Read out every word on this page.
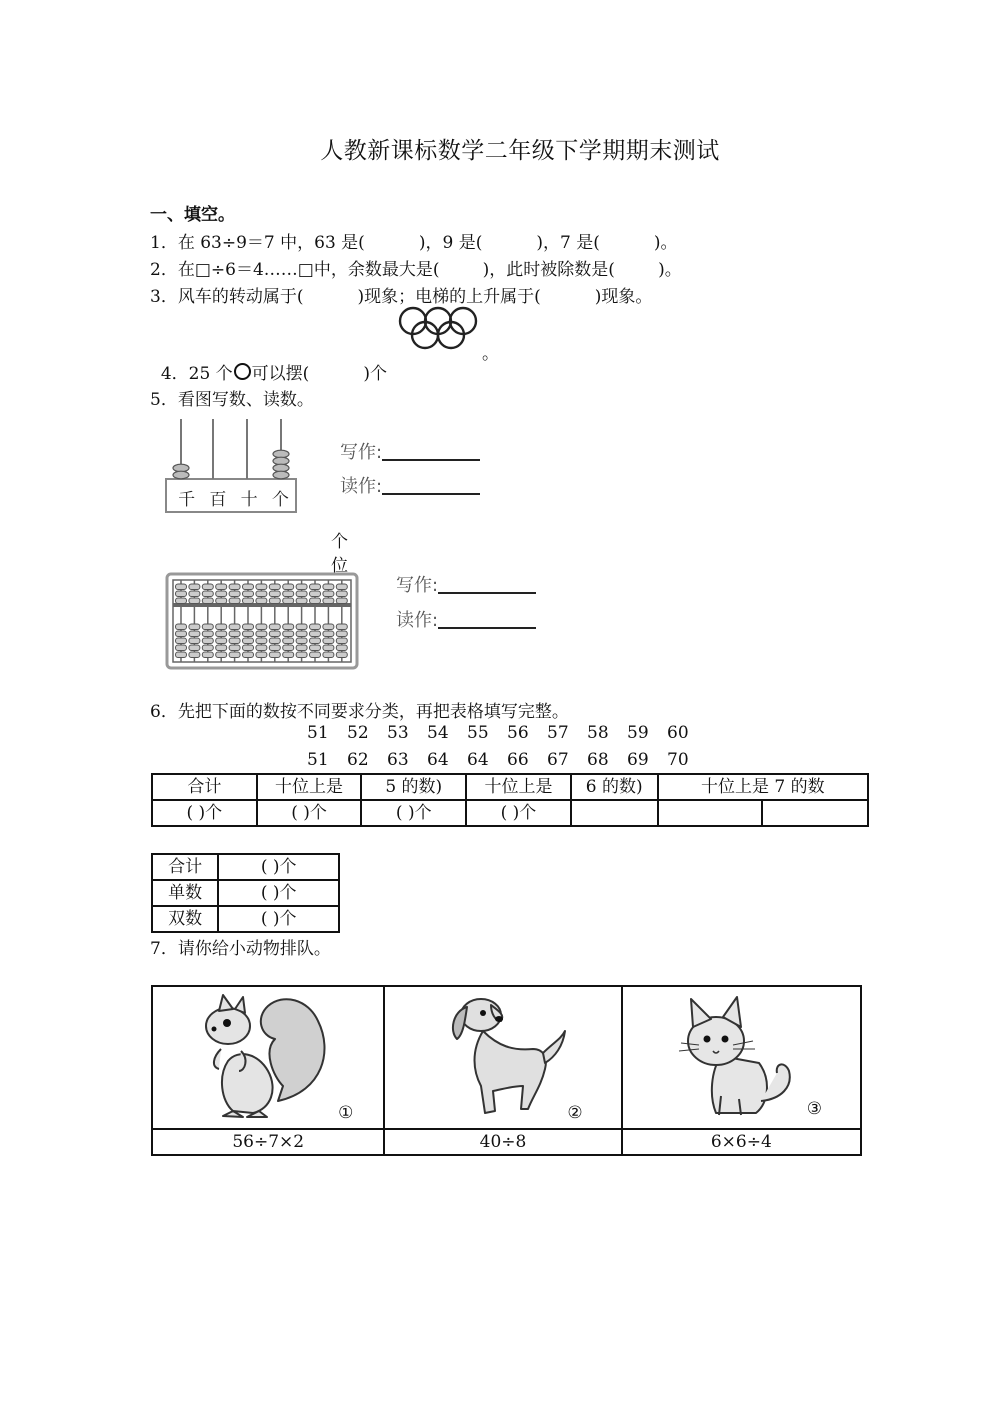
人教新课标数学二年级下学期期末测试
一、填空。
1．在 63÷9＝7 中，63 是(          )，9 是(          )，7 是(          )。
2．在□÷6＝4……□中，余数最大是(        )，此时被除数是(        )。
3．风车的转动属于(          )现象；电梯的上升属于(          )现象。

4．25 个 可以摆(          )个

。
5．看图写数、读数。
千 百 十 个
写作:
读作:
个
位
写作:
读作:
6．先把下面的数按不同要求分类，再把表格填写完整。
51 52 53 54 55 56 57 58 59 60
51 62 63 64 64 66 67 68 69 70
合计	十位上是	5 的数)	十位上是	6 的数)	十位上是 7 的数	
( )个	( )个	( )个	( )个			
合计	( )个
单数	( )个
双数	( )个
7．请你给小动物排队。
①	②	③

56÷7×2	40÷8	6×6÷4
